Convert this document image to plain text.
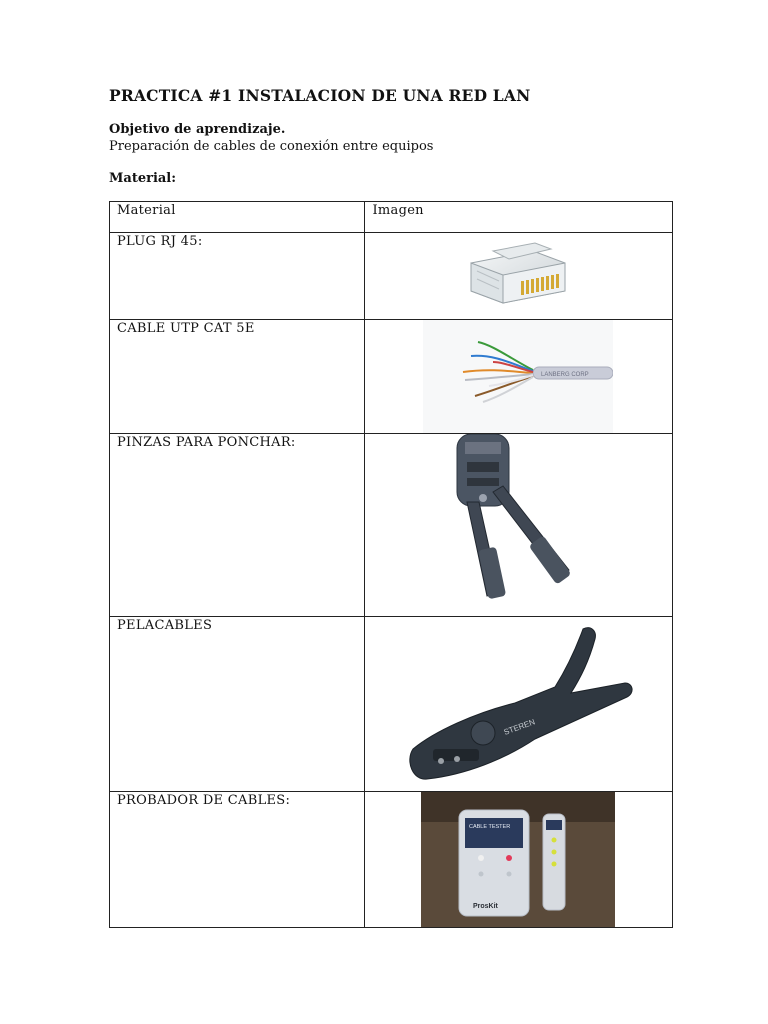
PRACTICA #1 INSTALACION DE UNA RED LAN
Objetivo de aprendizaje.
Preparación de cables de conexión entre equipos
Material:
Material	Imagen

PLUG RJ 45:

CABLE UTP CAT 5E	LANBERG CORP

PINZAS PARA PONCHAR:

PELACABLES	STEREN

PROBADOR DE CABLES:	CABLE TESTER
ProsKit
